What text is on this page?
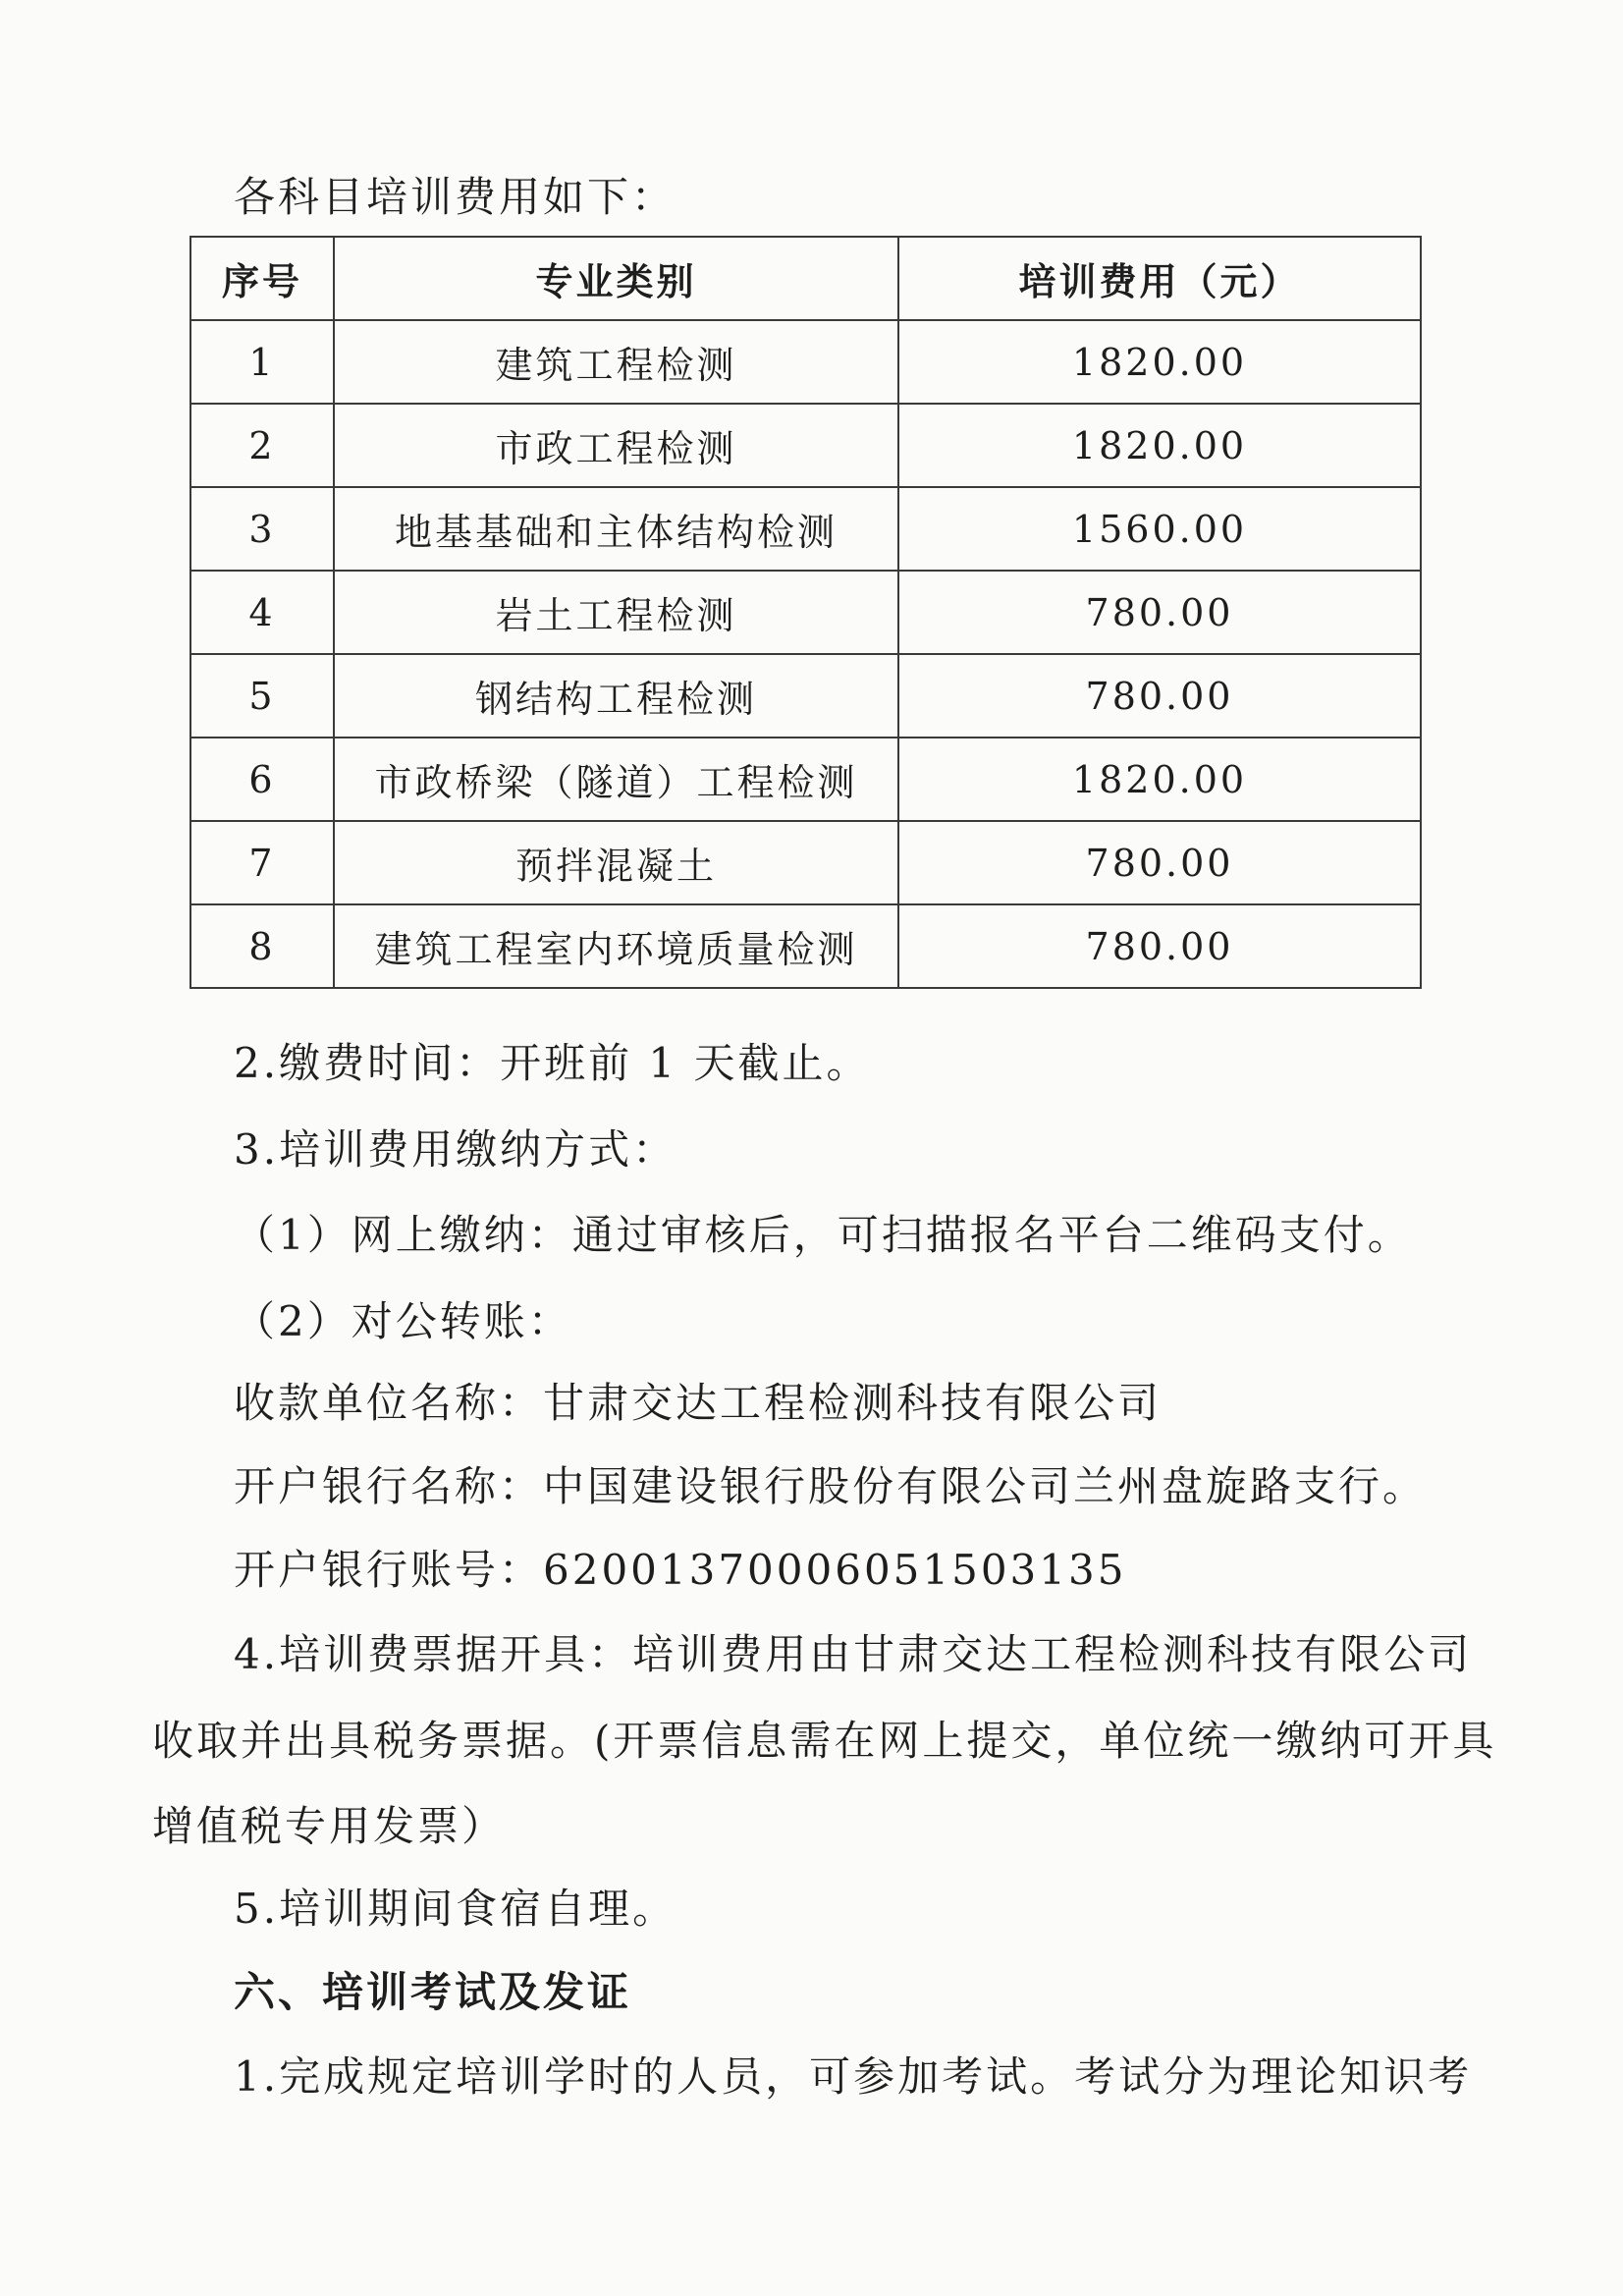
各科目培训费用如下：
序号	专业类别	培训费用（元）
1	建筑工程检测	1820.00
2	市政工程检测	1820.00
3	地基基础和主体结构检测	1560.00
4	岩土工程检测	780.00
5	钢结构工程检测	780.00
6	市政桥梁（隧道）工程检测	1820.00
7	预拌混凝土	780.00
8	建筑工程室内环境质量检测	780.00
2.缴费时间：开班前 1 天截止。
3.培训费用缴纳方式：
（1）网上缴纳：通过审核后，可扫描报名平台二维码支付。
（2）对公转账：
收款单位名称：甘肃交达工程检测科技有限公司
开户银行名称：中国建设银行股份有限公司兰州盘旋路支行。
开户银行账号：62001370006051503135
4.培训费票据开具：培训费用由甘肃交达工程检测科技有限公司
收取并出具税务票据。(开票信息需在网上提交，单位统一缴纳可开具
增值税专用发票）
5.培训期间食宿自理。
六、培训考试及发证
1.完成规定培训学时的人员，可参加考试。考试分为理论知识考
